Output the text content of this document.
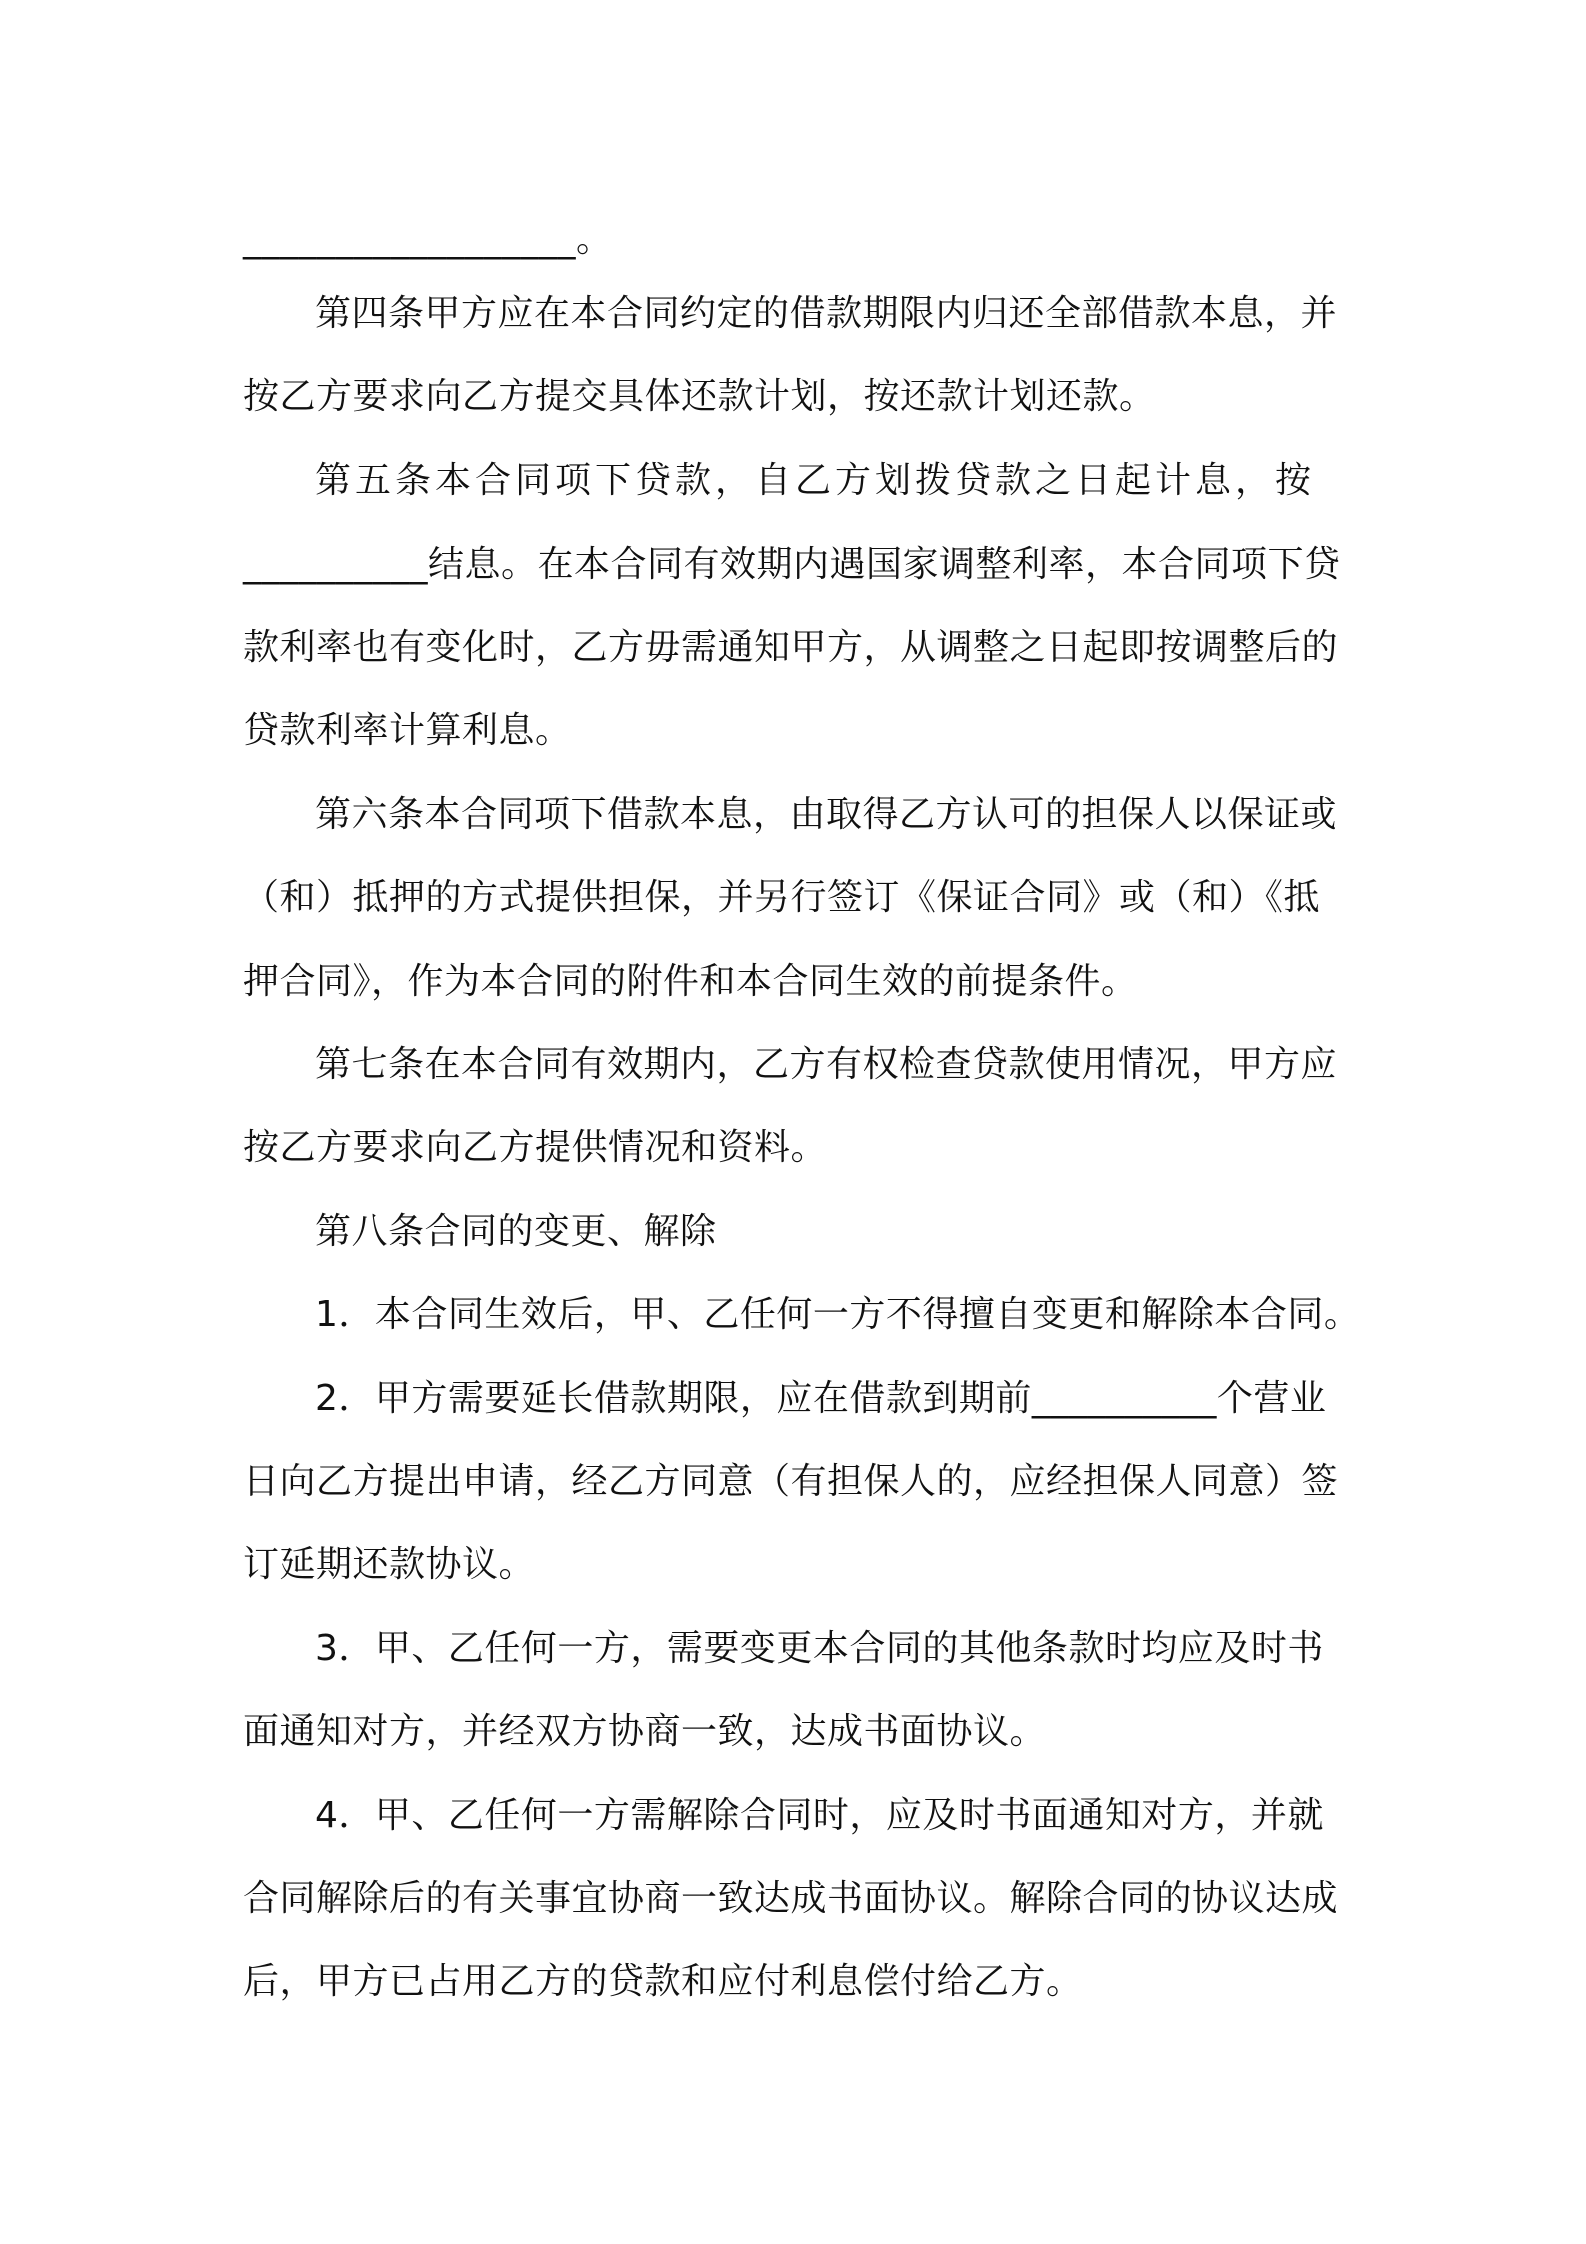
__________________。
第四条甲方应在本合同约定的借款期限内归还全部借款本息，并
按乙方要求向乙方提交具体还款计划，按还款计划还款。
第五条本合同项下贷款，自乙方划拨贷款之日起计息，按
__________结息。在本合同有效期内遇国家调整利率，本合同项下贷
款利率也有变化时，乙方毋需通知甲方，从调整之日起即按调整后的
贷款利率计算利息。
第六条本合同项下借款本息，由取得乙方认可的担保人以保证或
（和）抵押的方式提供担保，并另行签订《保证合同》或（和）《抵
押合同》，作为本合同的附件和本合同生效的前提条件。
第七条在本合同有效期内，乙方有权检查贷款使用情况，甲方应
按乙方要求向乙方提供情况和资料。
第八条合同的变更、解除
1．本合同生效后，甲、乙任何一方不得擅自变更和解除本合同。
2．甲方需要延长借款期限，应在借款到期前__________个营业
日向乙方提出申请，经乙方同意（有担保人的，应经担保人同意）签
订延期还款协议。
3．甲、乙任何一方，需要变更本合同的其他条款时均应及时书
面通知对方，并经双方协商一致，达成书面协议。
4．甲、乙任何一方需解除合同时，应及时书面通知对方，并就
合同解除后的有关事宜协商一致达成书面协议。解除合同的协议达成
后，甲方已占用乙方的贷款和应付利息偿付给乙方。
